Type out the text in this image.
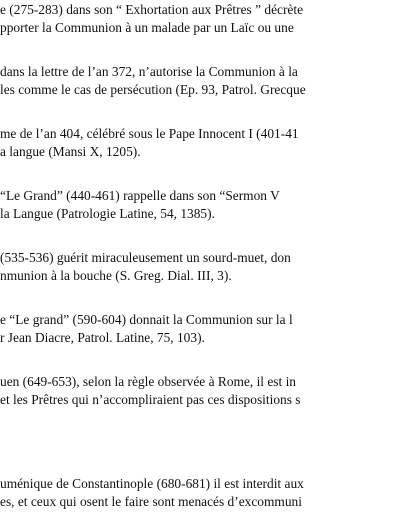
e (275-283) dans son “ Exhortation aux Prêtres ” décrète
pporter la Communion à un malade par un Laïc ou une
dans la lettre de l’an 372, n’autorise la Communion à la
les comme le cas de persécution (Ep. 93, Patrol. Grecque
me de l’an 404, célébré sous le Pape Innocent I (401-41
a langue (Mansi X, 1205).
“Le Grand” (440-461) rappelle dans son “Sermon V
la Langue (Patrologie Latine, 54, 1385).
(535-536) guérit miraculeusement un sourd-muet, don
nmunion à la bouche (S. Greg. Dial. III, 3).
e “Le grand” (590-604) donnait la Communion sur la l
r Jean Diacre, Patrol. Latine, 75, 103).
uen (649-653), selon la règle observée à Rome, il est in
et les Prêtres qui n’accompliraient pas ces dispositions s
uménique de Constantinople (680-681) il est interdit aux
es, et ceux qui osent le faire sont menacés d’excommuni
